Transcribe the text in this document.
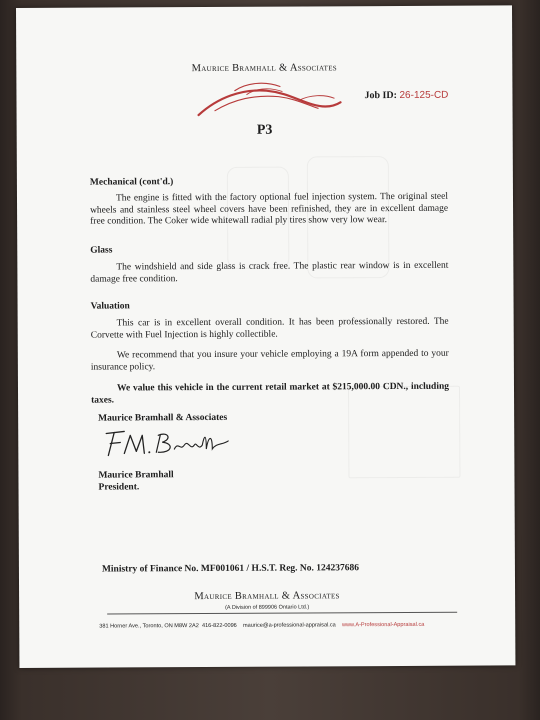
Maurice Bramhall & Associates
Job ID: 26-125-CD
P3
Mechanical (cont'd.)
The engine is fitted with the factory optional fuel injection system. The original steel wheels and stainless steel wheel covers have been refinished, they are in excellent damage free condition. The Coker wide whitewall radial ply tires show very low wear.
Glass
The windshield and side glass is crack free. The plastic rear window is in excellent damage free condition.
Valuation
This car is in excellent overall condition. It has been professionally restored. The Corvette with Fuel Injection is highly collectible.
We recommend that you insure your vehicle employing a 19A form appended to your insurance policy.
We value this vehicle in the current retail market at $215,000.00 CDN., including taxes.
Maurice Bramhall & Associates
Maurice Bramhall
President.
Ministry of Finance No. MF001061 / H.S.T. Reg. No. 124237686
Maurice Bramhall & Associates
(A Division of 899906 Ontario Ltd.)
381 Horner Ave., Toronto, ON M8W 2A2 416-822-0096 maurice@a-professional-appraisal.ca www.A-Professional-Appraisal.ca
